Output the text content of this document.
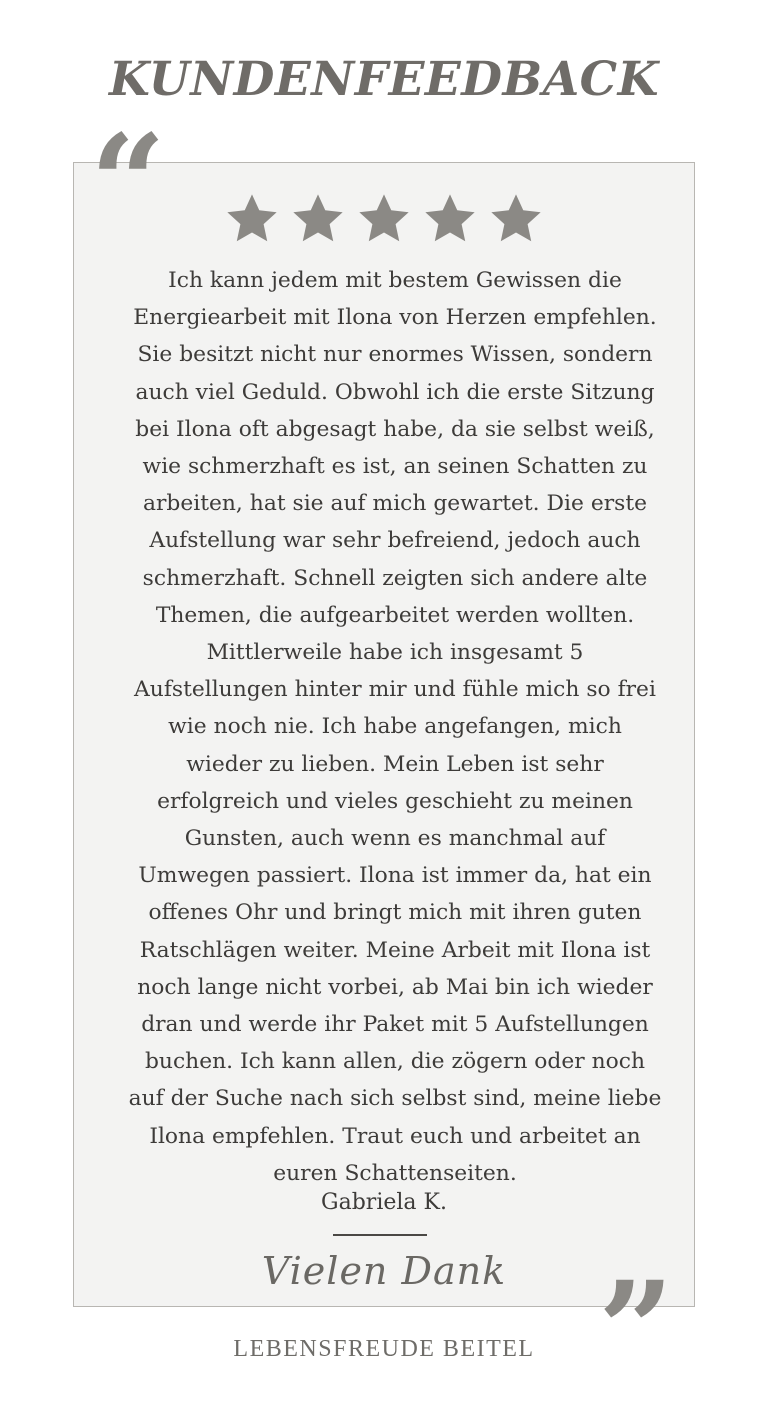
KUNDENFEEDBACK
“

Ich kann jedem mit bestem Gewissen die
Energiearbeit mit Ilona von Herzen empfehlen.
Sie besitzt nicht nur enormes Wissen, sondern
auch viel Geduld. Obwohl ich die erste Sitzung
bei Ilona oft abgesagt habe, da sie selbst weiß,
wie schmerzhaft es ist, an seinen Schatten zu
arbeiten, hat sie auf mich gewartet. Die erste
Aufstellung war sehr befreiend, jedoch auch
schmerzhaft. Schnell zeigten sich andere alte
Themen, die aufgearbeitet werden wollten.
Mittlerweile habe ich insgesamt 5
Aufstellungen hinter mir und fühle mich so frei
wie noch nie. Ich habe angefangen, mich
wieder zu lieben. Mein Leben ist sehr
erfolgreich und vieles geschieht zu meinen
Gunsten, auch wenn es manchmal auf
Umwegen passiert. Ilona ist immer da, hat ein
offenes Ohr und bringt mich mit ihren guten
Ratschlägen weiter. Meine Arbeit mit Ilona ist
noch lange nicht vorbei, ab Mai bin ich wieder
dran und werde ihr Paket mit 5 Aufstellungen
buchen. Ich kann allen, die zögern oder noch
auf der Suche nach sich selbst sind, meine liebe
Ilona empfehlen. Traut euch und arbeitet an
euren Schattenseiten.

Gabriela K.
Vielen Dank ”
LEBENSFREUDE BEITEL
